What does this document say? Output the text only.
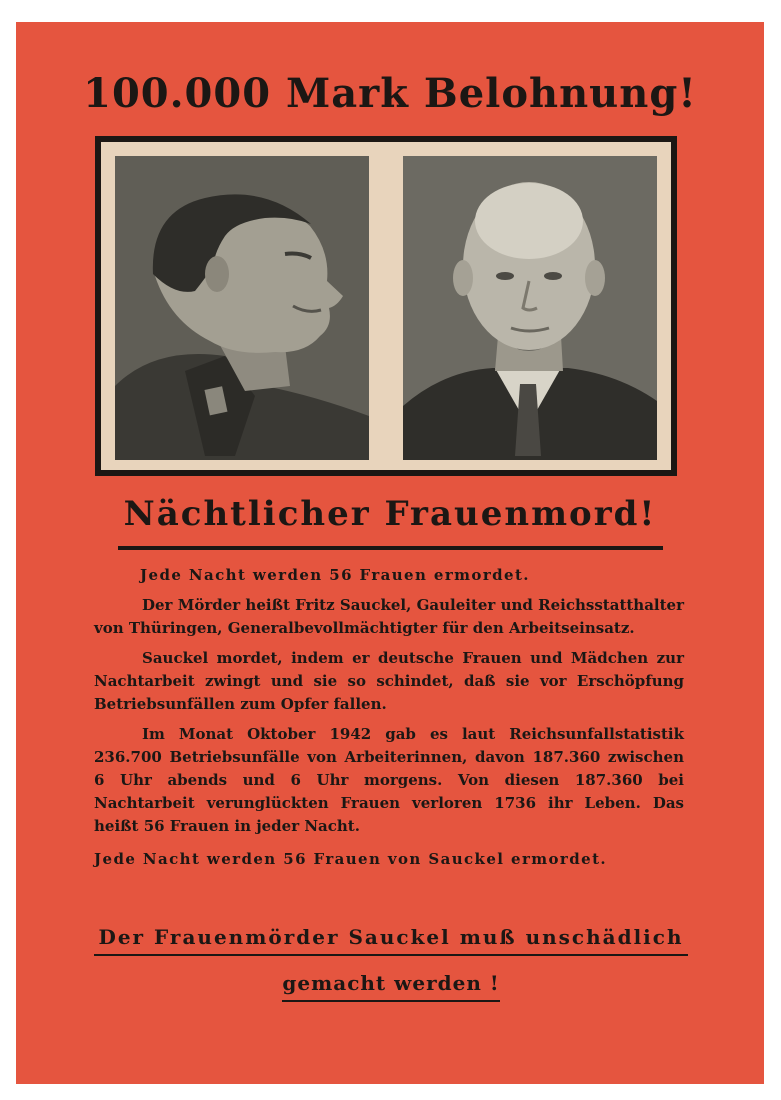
100.000 Mark Belohnung!
Nächtlicher Frauenmord!

Jede Nacht werden 56 Frauen ermordet.

Der Mörder heißt Fritz Sauckel, Gauleiter und Reichsstatthalter von Thüringen, Generalbevollmächtigter für den Arbeitseinsatz.

Sauckel mordet, indem er deutsche Frauen und Mädchen zur Nachtarbeit zwingt und sie so schindet, daß sie vor Erschöpfung Betriebsunfällen zum Opfer fallen.

Im Monat Oktober 1942 gab es laut Reichsunfallstatistik 236.700 Betriebsunfälle von Arbeiterinnen, davon 187.360 zwischen 6 Uhr abends und 6 Uhr morgens. Von diesen 187.360 bei Nachtarbeit verunglückten Frauen verloren 1736 ihr Leben. Das heißt 56 Frauen in jeder Nacht.

Jede Nacht werden 56 Frauen von Sauckel ermordet.

Der Frauenmörder Sauckel muß unschädlich
gemacht werden !
